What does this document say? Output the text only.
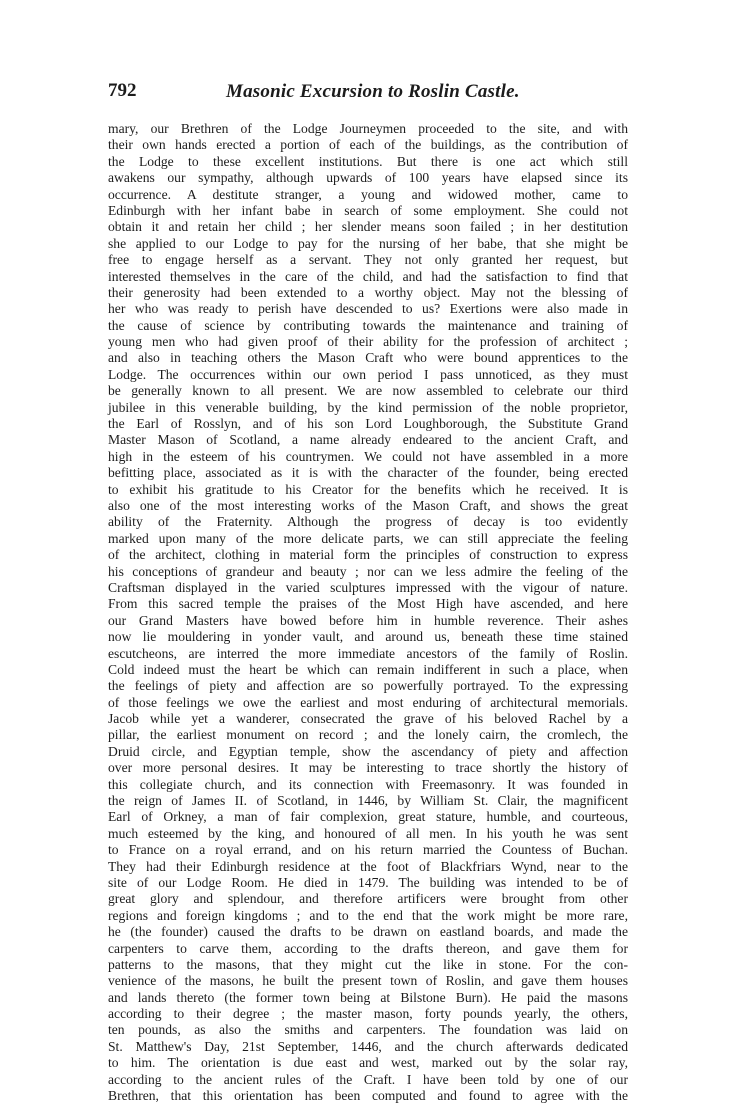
792	Masonic Excursion to Roslin Castle.
mary, our Brethren of the Lodge Journeymen proceeded to the site, and with
their own hands erected a portion of each of the buildings, as the contribution of
the Lodge to these excellent institutions. But there is one act which still
awakens our sympathy, although upwards of 100 years have elapsed since its
occurrence. A destitute stranger, a young and widowed mother, came to
Edinburgh with her infant babe in search of some employment. She could not
obtain it and retain her child ; her slender means soon failed ; in her destitution
she applied to our Lodge to pay for the nursing of her babe, that she might be
free to engage herself as a servant. They not only granted her request, but
interested themselves in the care of the child, and had the satisfaction to find that
their generosity had been extended to a worthy object. May not the blessing of
her who was ready to perish have descended to us? Exertions were also made in
the cause of science by contributing towards the maintenance and training of
young men who had given proof of their ability for the profession of architect ;
and also in teaching others the Mason Craft who were bound apprentices to the
Lodge. The occurrences within our own period I pass unnoticed, as they must
be generally known to all present. We are now assembled to celebrate our third
jubilee in this venerable building, by the kind permission of the noble proprietor,
the Earl of Rosslyn, and of his son Lord Loughborough, the Substitute Grand
Master Mason of Scotland, a name already endeared to the ancient Craft, and
high in the esteem of his countrymen. We could not have assembled in a more
befitting place, associated as it is with the character of the founder, being erected
to exhibit his gratitude to his Creator for the benefits which he received. It is
also one of the most interesting works of the Mason Craft, and shows the great
ability of the Fraternity. Although the progress of decay is too evidently
marked upon many of the more delicate parts, we can still appreciate the feeling
of the architect, clothing in material form the principles of construction to express
his conceptions of grandeur and beauty ; nor can we less admire the feeling of the
Craftsman displayed in the varied sculptures impressed with the vigour of nature.
From this sacred temple the praises of the Most High have ascended, and here
our Grand Masters have bowed before him in humble reverence. Their ashes
now lie mouldering in yonder vault, and around us, beneath these time stained
escutcheons, are interred the more immediate ancestors of the family of Roslin.
Cold indeed must the heart be which can remain indifferent in such a place, when
the feelings of piety and affection are so powerfully portrayed. To the expressing
of those feelings we owe the earliest and most enduring of architectural memorials.
Jacob while yet a wanderer, consecrated the grave of his beloved Rachel by a
pillar, the earliest monument on record ; and the lonely cairn, the cromlech, the
Druid circle, and Egyptian temple, show the ascendancy of piety and affection
over more personal desires. It may be interesting to trace shortly the history of
this collegiate church, and its connection with Freemasonry. It was founded in
the reign of James II. of Scotland, in 1446, by William St. Clair, the magnificent
Earl of Orkney, a man of fair complexion, great stature, humble, and courteous,
much esteemed by the king, and honoured of all men. In his youth he was sent
to France on a royal errand, and on his return married the Countess of Buchan.
They had their Edinburgh residence at the foot of Blackfriars Wynd, near to the
site of our Lodge Room. He died in 1479. The building was intended to be of
great glory and splendour, and therefore artificers were brought from other
regions and foreign kingdoms ; and to the end that the work might be more rare,
he (the founder) caused the drafts to be drawn on eastland boards, and made the
carpenters to carve them, according to the drafts thereon, and gave them for
patterns to the masons, that they might cut the like in stone. For the con-
venience of the masons, he built the present town of Roslin, and gave them houses
and lands thereto (the former town being at Bilstone Burn). He paid the masons
according to their degree ; the master mason, forty pounds yearly, the others,
ten pounds, as also the smiths and carpenters. The foundation was laid on
St. Matthew's Day, 21st September, 1446, and the church afterwards dedicated
to him. The orientation is due east and west, marked out by the solar ray,
according to the ancient rules of the Craft. I have been told by one of our
Brethren, that this orientation has been computed and found to agree with the
